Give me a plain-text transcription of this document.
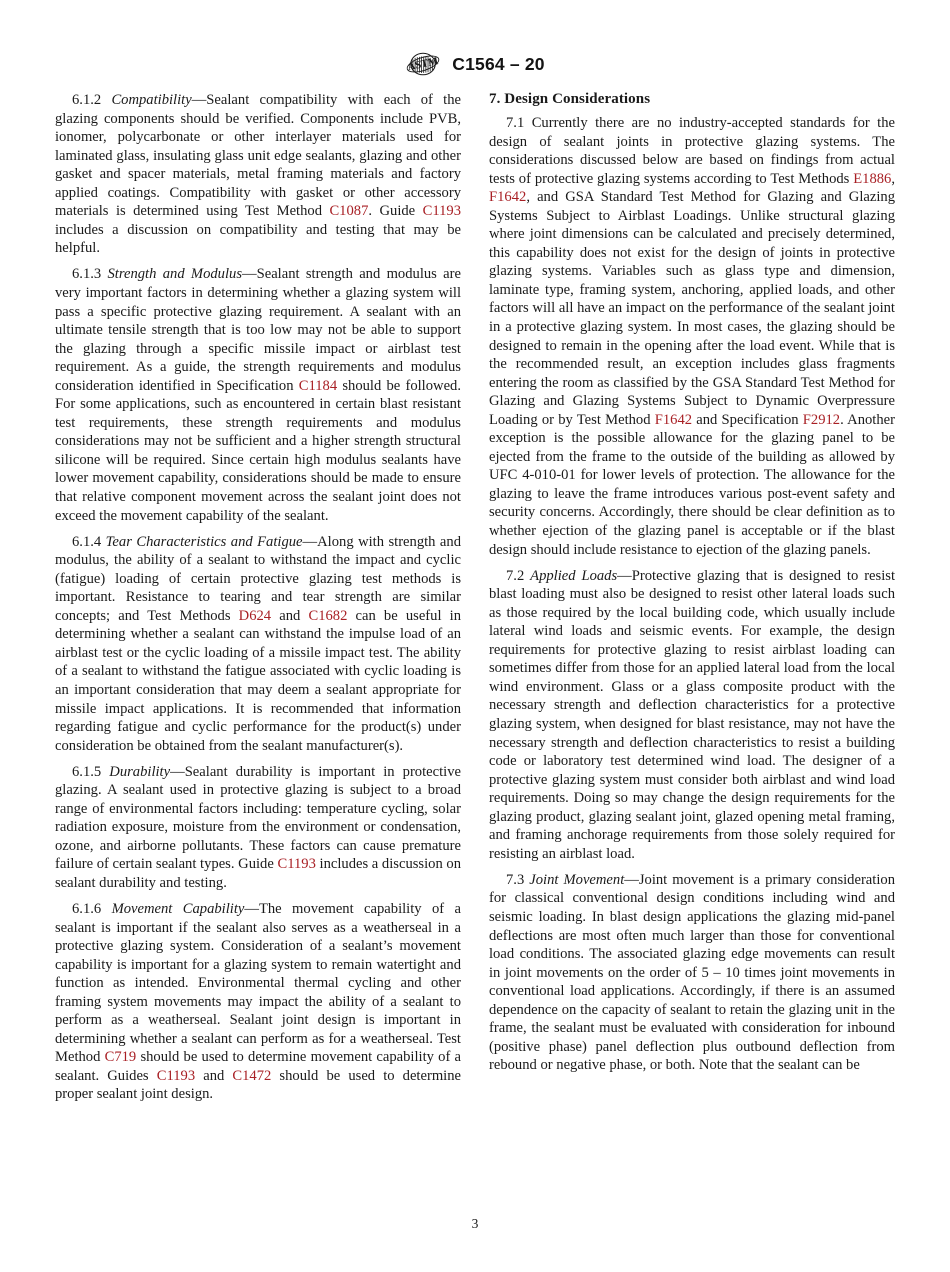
ASTM C1564 – 20

6.1.2 Compatibility—Sealant compatibility with each of the glazing components should be verified. Components include PVB, ionomer, polycarbonate or other interlayer materials used for laminated glass, insulating glass unit edge sealants, glazing and other gasket and spacer materials, metal framing materials and factory applied coatings. Compatibility with gasket or other accessory materials is determined using Test Method C1087. Guide C1193 includes a discussion on compatibility and testing that may be helpful.

6.1.3 Strength and Modulus—Sealant strength and modulus are very important factors in determining whether a glazing system will pass a specific protective glazing requirement. A sealant with an ultimate tensile strength that is too low may not be able to support the glazing through a specific missile impact or airblast test requirement. As a guide, the strength requirements and modulus consideration identified in Specification C1184 should be followed. For some applications, such as encountered in certain blast resistant test requirements, these strength requirements and modulus considerations may not be sufficient and a higher strength structural silicone will be required. Since certain high modulus sealants have lower movement capability, considerations should be made to ensure that relative component movement across the sealant joint does not exceed the movement capability of the sealant.

6.1.4 Tear Characteristics and Fatigue—Along with strength and modulus, the ability of a sealant to withstand the impact and cyclic (fatigue) loading of certain protective glazing test methods is important. Resistance to tearing and tear strength are similar concepts; and Test Methods D624 and C1682 can be useful in determining whether a sealant can withstand the impulse load of an airblast test or the cyclic loading of a missile impact test. The ability of a sealant to withstand the fatigue associated with cyclic loading is an important consideration that may deem a sealant appropriate for missile impact applications. It is recommended that information regarding fatigue and cyclic performance for the product(s) under consideration be obtained from the sealant manufacturer(s).

6.1.5 Durability—Sealant durability is important in protective glazing. A sealant used in protective glazing is subject to a broad range of environmental factors including: temperature cycling, solar radiation exposure, moisture from the environment or condensation, ozone, and airborne pollutants. These factors can cause premature failure of certain sealant types. Guide C1193 includes a discussion on sealant durability and testing.

6.1.6 Movement Capability—The movement capability of a sealant is important if the sealant also serves as a weatherseal in a protective glazing system. Consideration of a sealant’s movement capability is important for a glazing system to remain watertight and function as intended. Environmental thermal cycling and other framing system movements may impact the ability of a sealant to perform as a weatherseal. Sealant joint design is important in determining whether a sealant can perform as for a weatherseal. Test Method C719 should be used to determine movement capability of a sealant. Guides C1193 and C1472 should be used to determine proper sealant joint design.

7. Design Considerations

7.1 Currently there are no industry-accepted standards for the design of sealant joints in protective glazing systems. The considerations discussed below are based on findings from actual tests of protective glazing systems according to Test Methods E1886, F1642, and GSA Standard Test Method for Glazing and Glazing Systems Subject to Airblast Loadings. Unlike structural glazing where joint dimensions can be calculated and precisely determined, this capability does not exist for the design of joints in protective glazing systems. Variables such as glass type and dimension, laminate type, framing system, anchoring, applied loads, and other factors will all have an impact on the performance of the sealant joint in a protective glazing system. In most cases, the glazing should be designed to remain in the opening after the load event. While that is the recommended result, an exception includes glass fragments entering the room as classified by the GSA Standard Test Method for Glazing and Glazing Systems Subject to Dynamic Overpressure Loading or by Test Method F1642 and Specification F2912. Another exception is the possible allowance for the glazing panel to be ejected from the frame to the outside of the building as allowed by UFC 4-010-01 for lower levels of protection. The allowance for the glazing to leave the frame introduces various post-event safety and security concerns. Accordingly, there should be clear definition as to whether ejection of the glazing panel is acceptable or if the blast design should include resistance to ejection of the glazing panels.

7.2 Applied Loads—Protective glazing that is designed to resist blast loading must also be designed to resist other lateral loads such as those required by the local building code, which usually include lateral wind loads and seismic events. For example, the design requirements for protective glazing to resist airblast loading can sometimes differ from those for an applied lateral load from the local wind environment. Glass or a glass composite product with the necessary strength and deflection characteristics for a protective glazing system, when designed for blast resistance, may not have the necessary strength and deflection characteristics to resist a building code or laboratory test determined wind load. The designer of a protective glazing system must consider both airblast and wind load requirements. Doing so may change the design requirements for the glazing product, glazing sealant joint, glazed opening metal framing, and framing anchorage requirements from those solely required for resisting an airblast load.

7.3 Joint Movement—Joint movement is a primary consideration for classical conventional design conditions including wind and seismic loading. In blast design applications the glazing mid-panel deflections are most often much larger than those for conventional load conditions. The associated glazing edge movements can result in joint movements on the order of 5 – 10 times joint movements in conventional load applications. Accordingly, if there is an assumed dependence on the capacity of sealant to retain the glazing unit in the frame, the sealant must be evaluated with consideration for inbound (positive phase) panel deflection plus outbound deflection from rebound or negative phase, or both. Note that the sealant can be

3
